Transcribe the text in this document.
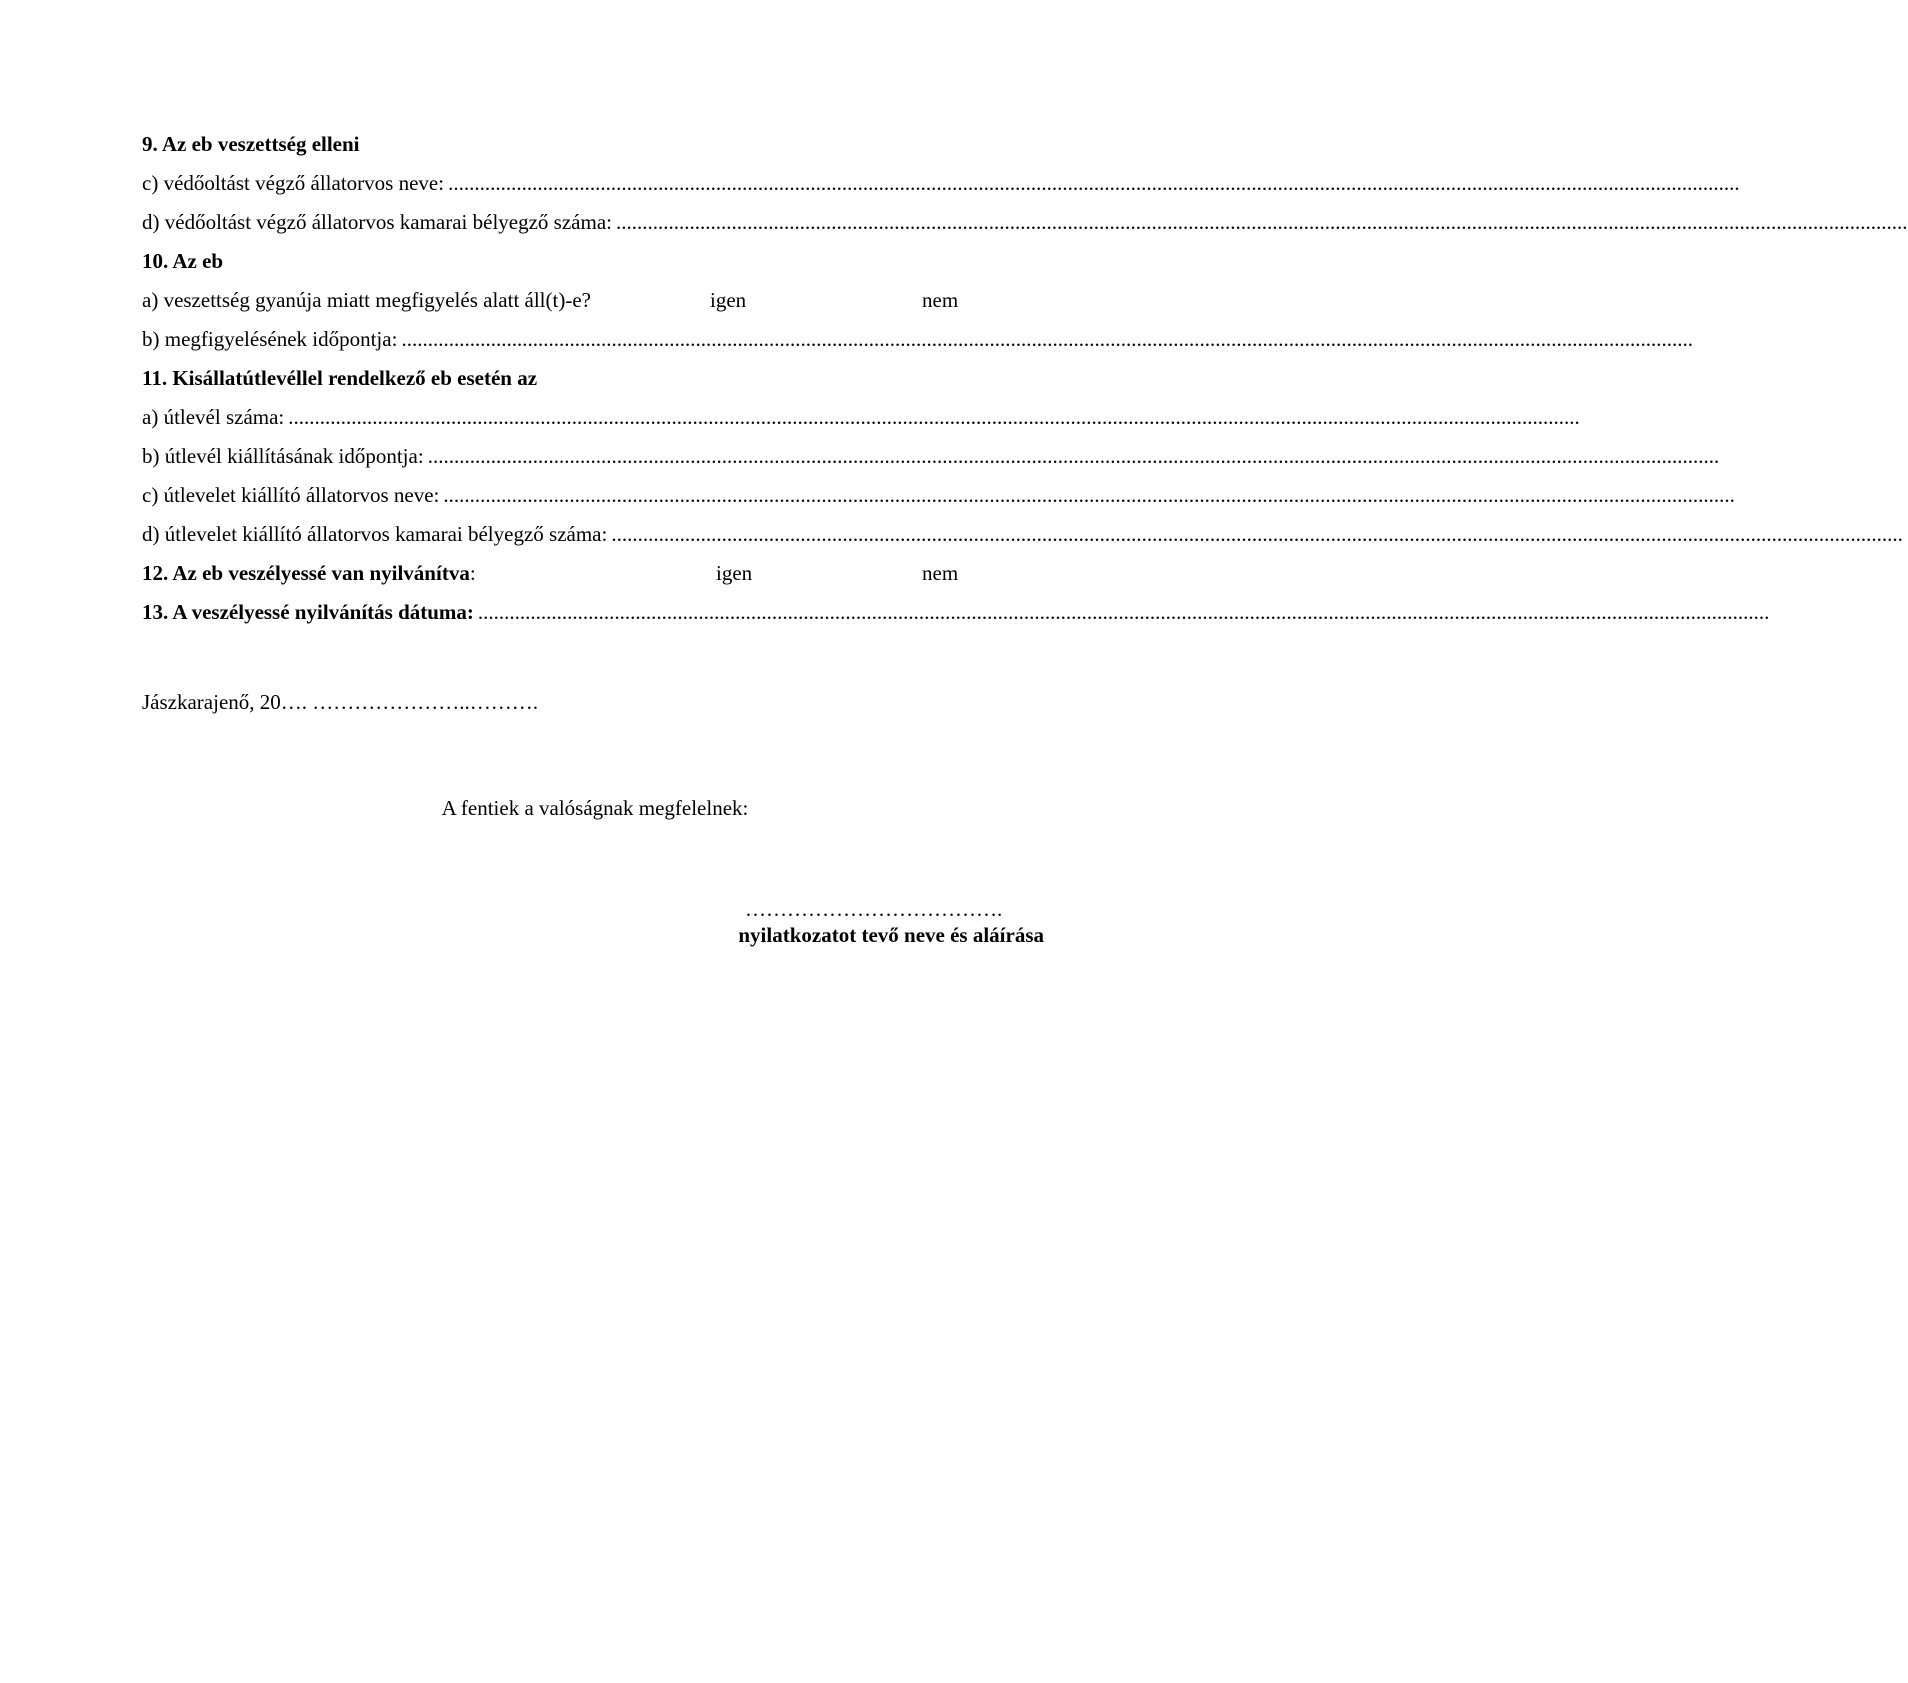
9. Az eb veszettség elleni
c) védőoltást végző állatorvos neve: ......................................................................................................................................................................................................................................................
d) védőoltást végző állatorvos kamarai bélyegző száma: ......................................................................................................................................................................................................................................................
10. Az eb
a) veszettség gyanúja miatt megfigyelés alatt áll(t)-e?	igen	nem
b) megfigyelésének időpontja: ......................................................................................................................................................................................................................................................
11. Kisállatútlevéllel rendelkező eb esetén az
a) útlevél száma: ......................................................................................................................................................................................................................................................
b) útlevél kiállításának időpontja: ......................................................................................................................................................................................................................................................
c) útlevelet kiállító állatorvos neve: ......................................................................................................................................................................................................................................................
d) útlevelet kiállító állatorvos kamarai bélyegző száma: ......................................................................................................................................................................................................................................................
12. Az eb veszélyessé van nyilvánítva:	igen	nem
13. A veszélyessé nyilvánítás dátuma: ......................................................................................................................................................................................................................................................
Jászkarajenő, 20…. …………………..……….
A fentiek a valóságnak megfelelnek:
……………………………….
nyilatkozatot tevő neve és aláírása
